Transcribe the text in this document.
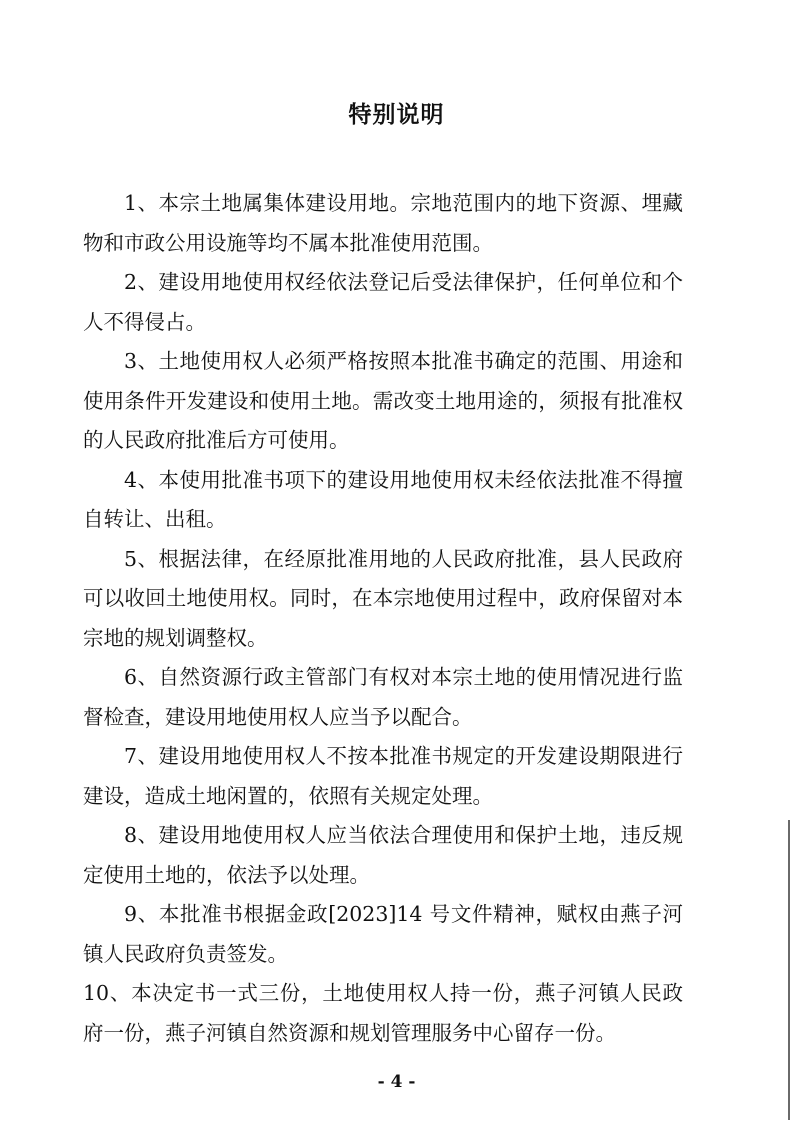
特别说明
1、本宗土地属集体建设用地。宗地范围内的地下资源、埋藏物和市政公用设施等均不属本批准使用范围。
2、建设用地使用权经依法登记后受法律保护，任何单位和个人不得侵占。
3、土地使用权人必须严格按照本批准书确定的范围、用途和使用条件开发建设和使用土地。需改变土地用途的，须报有批准权的人民政府批准后方可使用。
4、本使用批准书项下的建设用地使用权未经依法批准不得擅自转让、出租。
5、根据法律，在经原批准用地的人民政府批准，县人民政府可以收回土地使用权。同时，在本宗地使用过程中，政府保留对本宗地的规划调整权。
6、自然资源行政主管部门有权对本宗土地的使用情况进行监督检查，建设用地使用权人应当予以配合。
7、建设用地使用权人不按本批准书规定的开发建设期限进行建设，造成土地闲置的，依照有关规定处理。
8、建设用地使用权人应当依法合理使用和保护土地，违反规定使用土地的，依法予以处理。
9、本批准书根据金政[2023]14 号文件精神，赋权由燕子河镇人民政府负责签发。
10、本决定书一式三份，土地使用权人持一份，燕子河镇人民政府一份，燕子河镇自然资源和规划管理服务中心留存一份。
- 4 -
